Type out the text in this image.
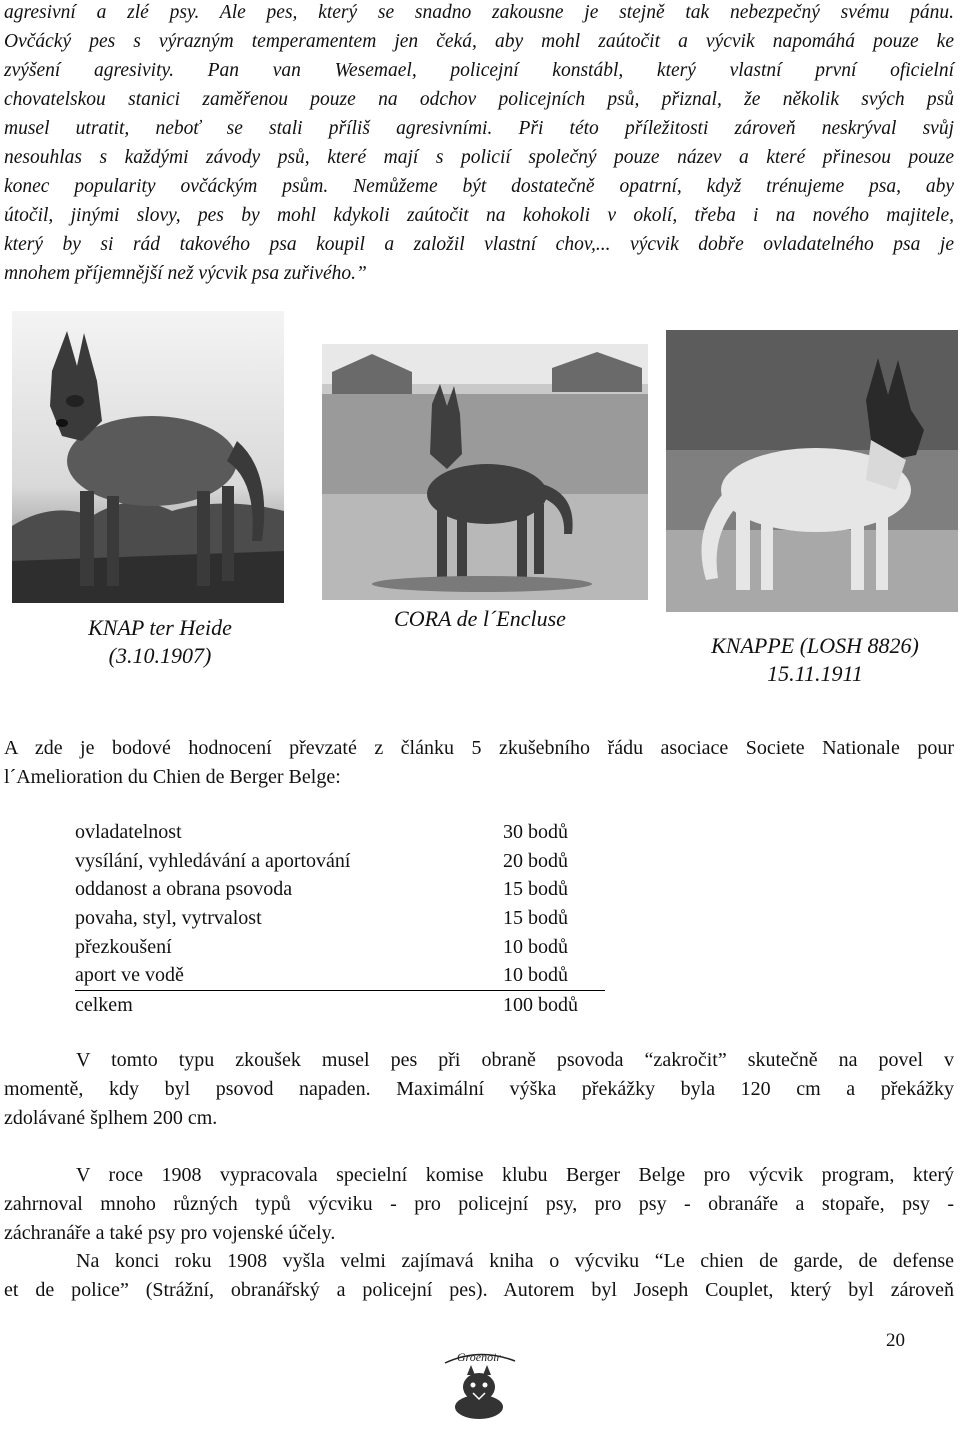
agresivní a zlé psy. Ale pes, který se snadno zakousne je stejně tak nebezpečný svému pánu.
Ovčácký pes s výrazným temperamentem jen čeká, aby mohl zaútočit a výcvik napomáhá pouze ke
zvýšení agresivity. Pan van Wesemael, policejní konstábl, který vlastní první oficielní
chovatelskou stanici zaměřenou pouze na odchov policejních psů, přiznal, že několik svých psů
musel utratit, neboť se stali příliš agresivními. Při této příležitosti zároveň neskrýval svůj
nesouhlas s každými závody psů, které mají s policií společný pouze název a které přinesou pouze
konec popularity ovčáckým psům. Nemůžeme být dostatečně opatrní, když trénujeme psa, aby
útočil, jinými slovy, pes by mohl kdykoli zaútočit na kohokoli v okolí, třeba i na nového majitele,
který by si rád takového psa koupil a založil vlastní chov,... výcvik dobře ovladatelného psa je
mnohem příjemnější než výcvik psa zuřivého.”
KNAP ter Heide
(3.10.1907)
CORA de l´Encluse
KNAPPE (LOSH 8826)
15.11.1911
A zde je bodové hodnocení převzaté z článku 5 zkušebního řádu asociace Societe Nationale pour
l´Amelioration du Chien de Berger Belge:
ovladatelnost	30 bodů
vysílání, vyhledávání a aportování	20 bodů
oddanost a obrana psovoda	15 bodů
povaha, styl, vytrvalost	15 bodů
přezkoušení	10 bodů
aport ve vodě	10 bodů
celkem	100 bodů
V tomto typu zkoušek musel pes při obraně psovoda “zakročit” skutečně na povel v
momentě, kdy byl psovod napaden. Maximální výška překážky byla 120 cm a překážky
zdolávané šplhem 200 cm.
V roce 1908 vypracovala specielní komise klubu Berger Belge pro výcvik program, který
zahrnoval mnoho různých typů výcviku - pro policejní psy, pro psy - obranáře a stopaře, psy -
záchranáře a také psy pro vojenské účely.
Na konci roku 1908 vyšla velmi zajímavá kniha o výcviku “Le chien de garde, de defense
et de police” (Strážní, obranářský a policejní pes). Autorem byl Joseph Couplet, který byl zároveň
Groenoir
20
